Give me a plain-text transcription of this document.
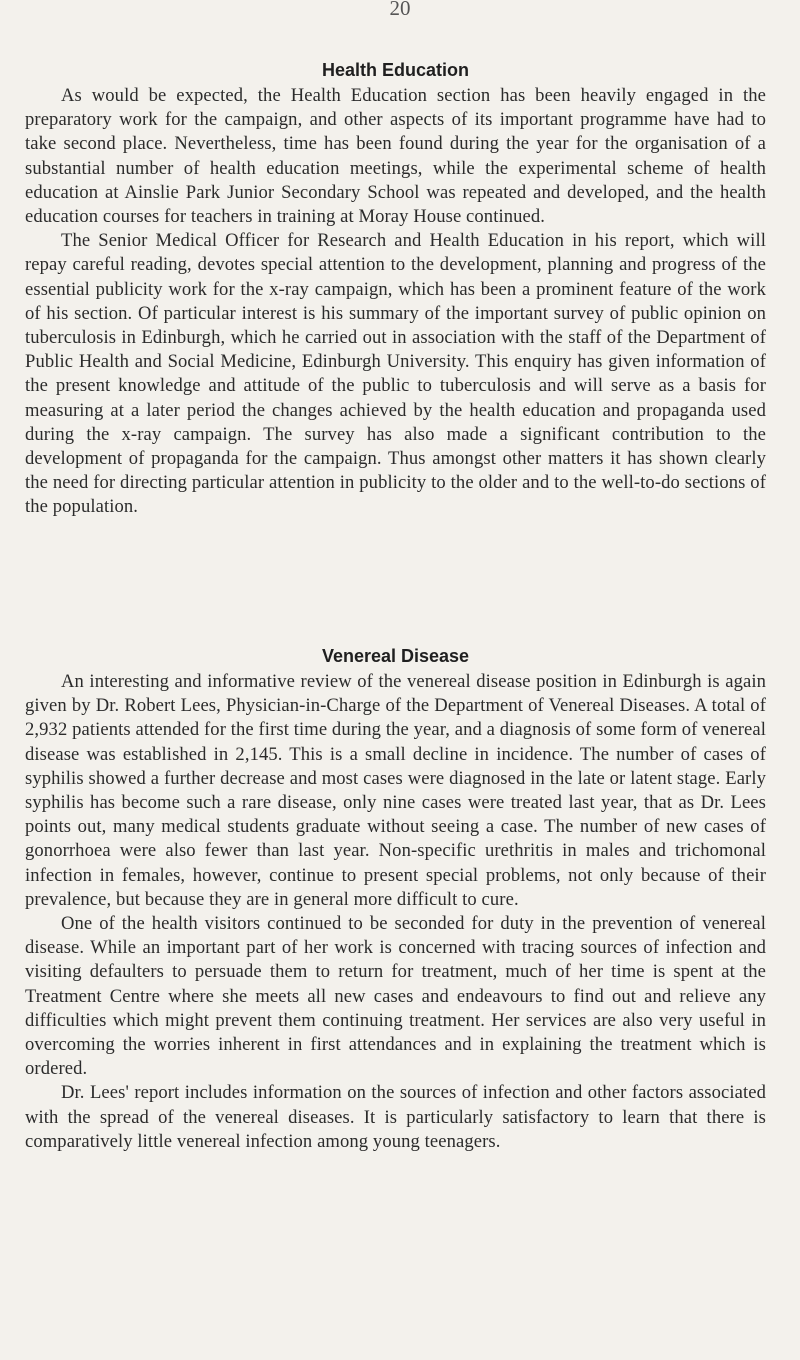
20
Health Education

As would be expected, the Health Education section has been heavily engaged in the preparatory work for the campaign, and other aspects of its important programme have had to take second place. Nevertheless, time has been found during the year for the organisation of a substantial number of health education meetings, while the experimental scheme of health education at Ainslie Park Junior Secondary School was repeated and developed, and the health education courses for teachers in training at Moray House continued.

The Senior Medical Officer for Research and Health Education in his report, which will repay careful reading, devotes special attention to the development, planning and progress of the essential publicity work for the x-ray campaign, which has been a prominent feature of the work of his section. Of particular interest is his summary of the important survey of public opinion on tuberculosis in Edinburgh, which he carried out in association with the staff of the Department of Public Health and Social Medicine, Edinburgh University. This enquiry has given information of the present knowledge and attitude of the public to tuberculosis and will serve as a basis for measuring at a later period the changes achieved by the health education and propaganda used during the x-ray campaign. The survey has also made a significant contribution to the development of propaganda for the campaign. Thus amongst other matters it has shown clearly the need for directing particular attention in publicity to the older and to the well-to-do sections of the population.

Venereal Disease

An interesting and informative review of the venereal disease position in Edinburgh is again given by Dr. Robert Lees, Physician-in-Charge of the Department of Venereal Diseases. A total of 2,932 patients attended for the first time during the year, and a diagnosis of some form of venereal disease was established in 2,145. This is a small decline in incidence. The number of cases of syphilis showed a further decrease and most cases were diagnosed in the late or latent stage. Early syphilis has become such a rare disease, only nine cases were treated last year, that as Dr. Lees points out, many medical students graduate without seeing a case. The number of new cases of gonorrhoea were also fewer than last year. Non-specific urethritis in males and trichomonal infection in females, however, continue to present special problems, not only because of their prevalence, but because they are in general more difficult to cure.

One of the health visitors continued to be seconded for duty in the prevention of venereal disease. While an important part of her work is concerned with tracing sources of infection and visiting defaulters to persuade them to return for treatment, much of her time is spent at the Treatment Centre where she meets all new cases and endeavours to find out and relieve any difficulties which might prevent them continuing treatment. Her services are also very useful in overcoming the worries inherent in first attendances and in explaining the treatment which is ordered.

Dr. Lees' report includes information on the sources of infection and other factors associated with the spread of the venereal diseases. It is particularly satisfactory to learn that there is comparatively little venereal infection among young teenagers.
